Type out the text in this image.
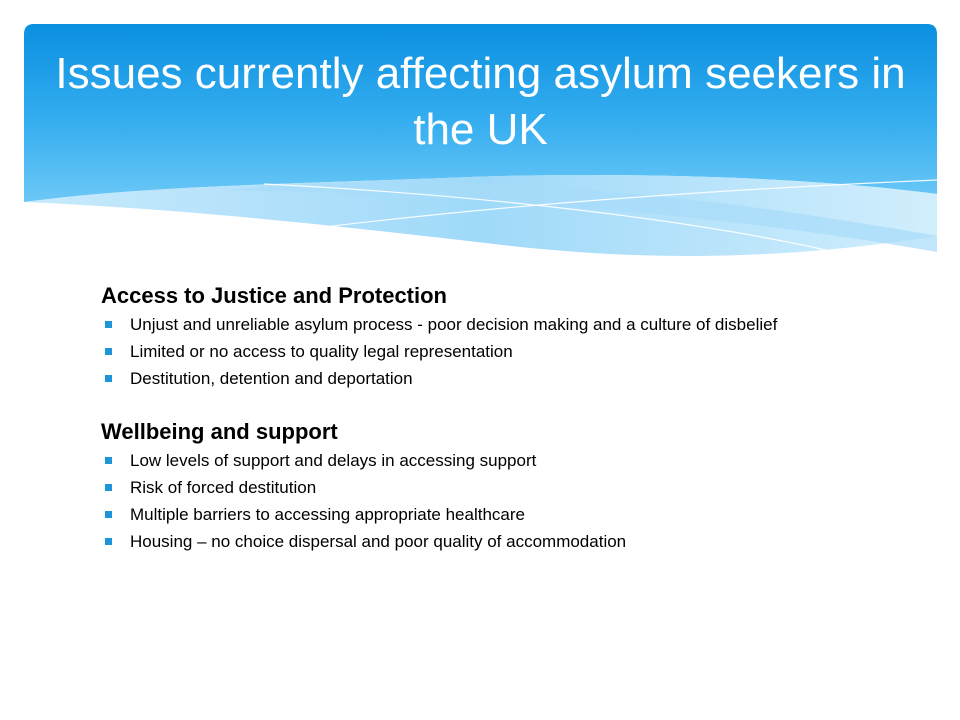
Issues currently affecting asylum seekers in the UK
Access to Justice and Protection
Unjust and unreliable asylum process - poor decision making and a culture of disbelief
Limited or no access to quality legal representation
Destitution, detention and deportation
Wellbeing and support
Low levels of support and delays in accessing support
Risk of forced destitution
Multiple barriers to accessing appropriate healthcare
Housing – no choice dispersal and poor quality of accommodation
